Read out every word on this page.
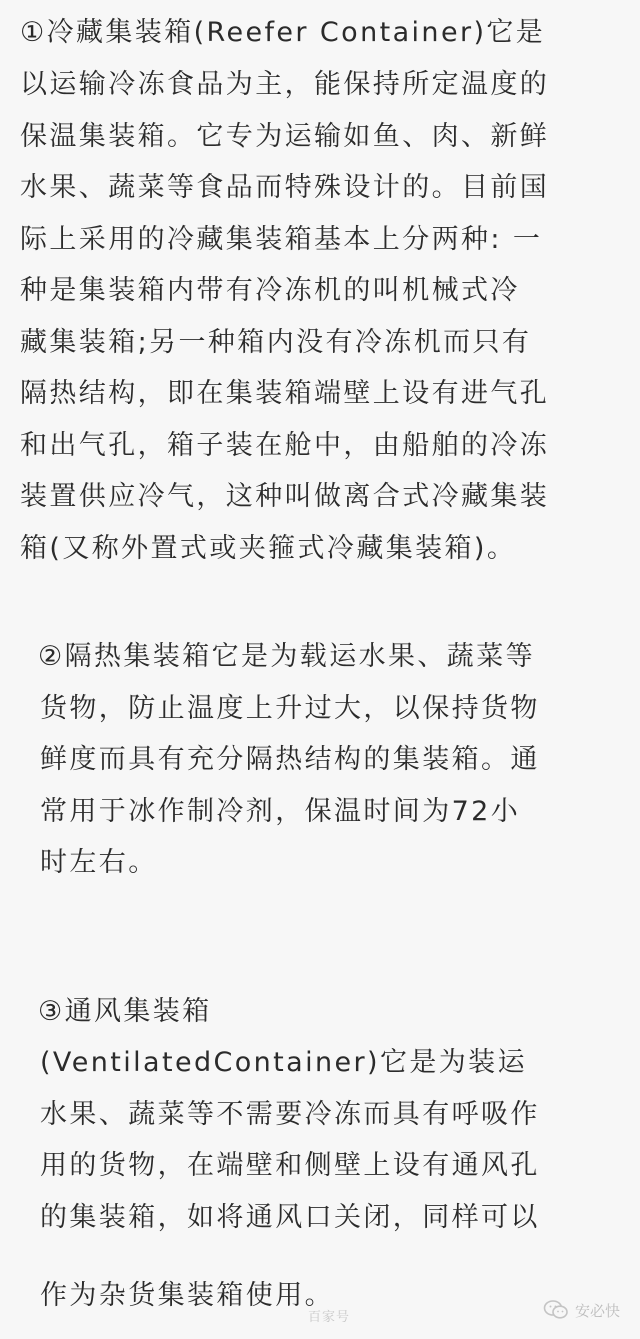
①冷藏集装箱(Reefer Container)它是
以运输冷冻食品为主，能保持所定温度的
保温集装箱。它专为运输如鱼、肉、新鲜
水果、蔬菜等食品而特殊设计的。目前国
际上采用的冷藏集装箱基本上分两种: 一
种是集装箱内带有冷冻机的叫机械式冷
藏集装箱;另一种箱内没有冷冻机而只有
隔热结构，即在集装箱端壁上设有进气孔
和出气孔，箱子装在舱中，由船舶的冷冻
装置供应冷气，这种叫做离合式冷藏集装
箱(又称外置式或夹箍式冷藏集装箱)。
②隔热集装箱它是为载运水果、蔬菜等
货物，防止温度上升过大，以保持货物
鲜度而具有充分隔热结构的集装箱。通
常用于冰作制冷剂，保温时间为72小
时左右。
③通风集装箱
(VentilatedContainer)它是为装运
水果、蔬菜等不需要冷冻而具有呼吸作
用的货物，在端壁和侧壁上设有通风孔
的集装箱，如将通风口关闭，同样可以
作为杂货集装箱使用。
百家号	安必快
